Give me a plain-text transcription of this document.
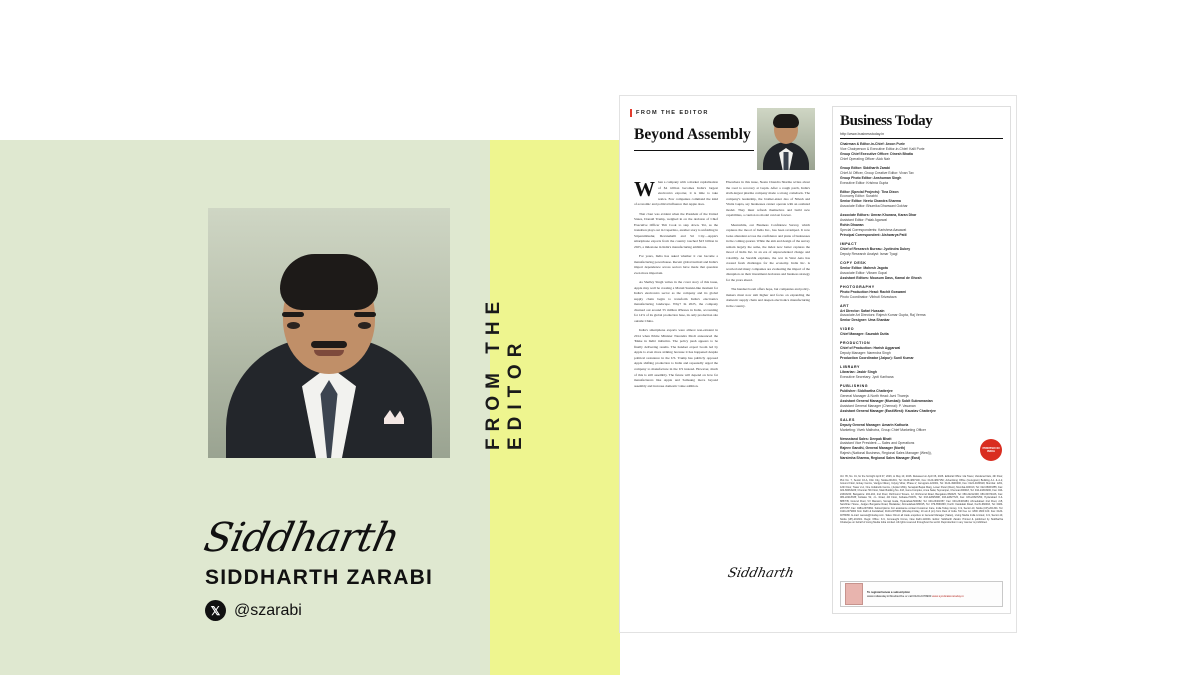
FROM THE EDITOR
Siddharth
SIDDHARTH ZARABI
𝕏 @szarabi
FROM THE EDITOR
Beyond Assembly

When a company with a market capitalisation of $4 trillion becomes India's largest electronics exporter, it is time to take notice. Few companies command the kind of economic and political influence that Apple does.

That clout was evident when the President of the United States, Donald Trump, weighed in on the decision of Chief Executive Officer Tim Cook to step down. Yet, as the transition plays out in Cupertino, another story is unfolding in Sriperumbudur, Devanahalli and Sri City—Apple's smartphone exports from the country touched $23 billion in 2025, a milestone in India's manufacturing ambitions.

For years, India has asked whether it can become a manufacturing powerhouse. Recent global turmoil and India's import dependence across sectors have made that question even more important.

As Shelley Singh writes in the cover story of this issue, Apple may well be creating a Maruti Suzuki-like moment for India's electronics sector as the company and its global supply chain begin to transform India's electronics manufacturing landscape. Why? In 2025, the company churned out around 55 million iPhones in India, accounting for 14% of its global production base, its only production site outside China.

India's smartphone exports were almost non-existent in 2014 when Prime Minister Narendra Modi announced the 'Make in India' initiative. The policy push appears to be finally delivering results. The handset export boom led by Apple is even more striking because it has happened despite political resistance in the US. Trump has publicly opposed Apple shifting production to India and repeatedly urged the company to manufacture in the US instead. However, much of this is still assembly. The future will depend on how far manufacturers like Apple and Samsung move beyond assembly and increase domestic value addition.

Elsewhere in this issue, Neetu Chandra Sharma writes about the road to recovery at Lupin. After a rough patch, India's sixth-largest pharma company made a strong comeback. The company's leadership, the brother-sister duo of Nilesh and Vinita Gupta, say businesses cannot operate with an outdated model. They must refresh themselves and build new capabilities, a caution no model can last forever.

Meanwhile, our Business Confidence Survey, which captures the mood of India Inc., has been revamped. It now looks abundant across the confidence and plans of businesses in the coming quarter. While the aim and design of the survey remain largely the same, the index now better captures the mood of India Inc. in an era of unprecedented change and volatility. As Sarabhi explains, the war in West Asia has created fresh challenges for the economy. India Inc. is worried and many companies are evaluating the impact of the disruption on their investment decisions and business strategy for the years ahead.

The handset boom offers hope, but companies and policy-makers must now aim higher and focus on expanding the domestic supply chain and deepen electronics manufacturing in the country.

Siddharth
Business Today
http://www.businesstoday.in
Chairman & Editor-in-Chief: Aroon Purie
Vice Chairperson & Executive Editor-in-Chief: Kalli Purie
Group Chief Executive Officer: Dinesh Bhatia
Chief Operating Officer: Alok Nair
Group Editor: Siddharth Zarabi
Chief AI Officer, Group Creative Editor: Vivan Tax
Group Photo Editor: Anshuman Singh
Executive Editor: Krishna Gupta
Editor (Special Projects): Tina Dixon
Economy Editor: Surabhi
Senior Editor: Neetu Chandra Sharma
Associate Editor: Bhumika Dhanwani Gokhar
Associate Editors: Umran Khurana, Karan Dhar
Assistant Editor: Palak Agarwal
Rohin Dhawan
Special Correspondents: Karishma Aasawat
Principal Correspondent: Aishwarya Patil
IMPACT
Chief of Research Bureau: Jyotindra Dubey
Deputy Research Analyst: Ismar Tyagi
COPY DESK
Senior Editor: Mahesh Jagota
Associate Editor: Vikram Gopal
Assistant Editors: Mousum Dass, Kamal de Ghosh
PHOTOGRAPHY
Photo Production Head: Rachit Goswami
Photo Coordinator: Vibhuti Srivastava
ART
Art Director: Safari Hussain
Associate Art Directors: Rajesh Kumar Gupta, Raj Verma
Senior Designer: Uma Shankar
VIDEO
Chief Manager: Saurabh Dutta
PRODUCTION
Chief of Production: Harish Aggarwal
Deputy Manager: Narendra Singh
Production Coordinator (Jaipur): Sunil Kumar
LIBRARY
Librarian: Jasbir Singh
Executive Secretary: Jyoti Karihana
PUBLISHING
Publisher: Siddhartha Chatterjee
General Manager & North Head: Avni Thareja
Assistant General Manager (Mumbai): Sobit Subramanian
Assistant General Manager (Chennai): P. Vasanan
Assistant General Manager (East/West): Kaustav Chatterjee
SALES
Deputy General Manager: Amarin Kathuria
Marketing: Vivek Malhotra, Group Chief Marketing Officer
Newsstand Sales: Deepak Bhatt
Assistant Vice President — Sales and Operations
Rajeev Gandhi, General Manager (North)
Rajesh (National Business, Regional Sales Manager (West)),
Narsimha Sharma, Regional Sales Manager (East)
PRINTED IN INDIA
Vol. 35, No. 01, for the fortnight April 07, 2026, to May 10, 2026. Released on April 06, 2026. Editorial Office: Ida Tower, Vandana Flats, 4th Floor, Plot No. 7, Sector 16-A, Film City, Noida-201301, Tel: 0120-4807100, Fax: 0120-4807150; Advertising Office (Gurugram) Building A-1 & A-2, Ground Floor, Enkay Centre, Vanijya Nikunj, Udyog Vihar, Phase-V, Gurugram-122001, Tel: 0124-4948400, Fax: 0124-4030919; Mumbai: 1201, 12th Floor, Tower 2-A, One Indiabulls Centre, (Jupiter Mills), Senapati Bapat Marg, Lower Parel (West), Mumbai-400013, Tel: 022-66063355, Fax: 022-66063226; Chennai: 5th Floor, Main Building No. 443, Guna Complex, Anna Salai, Teynampet, Chennai-600018, Tel: 044-24303200, Fax: 044-24303234; Bangalore: 202-204, 2nd Floor, Richmond Towers, 12, Richmond Road, Bangalore-560025, Tel: 080-22212448, 080-30374106, Fax: 080-22218335; Kolkata: 52, J.L. Road, 4th Floor, Kolkata-700071, Tel: 033-22825398, 033-22827726, Fax: 033-22827254; Hyderabad: 6-3-885/7/B, Ground Floor, VV Mansion, Somaji Guda, Hyderabad-500082, Tel: 040-23401657, Fax: 040-23403484; Ahmedabad: 2nd Floor, 2-B, Sambhav House, Judges Bungalow Road, Bodakdev, Ahmedabad-380015, Tel: 079-6560393; Kochi: Karakkatt Road, Kochi-682016, Tel: 0484-2377057, Fax: 0484-2370962. Subscriptions: For assistance contact Customer Care, India Today Group, C-9, Sector-10, Noida (UP)-201301. Tel: 0120-2479900 from Delhi & Faridabad; 0120-2479900 (Monday-Friday, 10 am-6 pm) from Rest of India. Toll free no: 1800 1800 100. Fax: 0120-4078080. E-mail: wecare@intoday.com. Sales: Direct all trade enquiries to General Manager (Sales), Living Media India Limited, C-9, Sector-10, Noida (UP)-201301. Regd. Office: K-9, Connaught Circus, New Delhi-110001. Editor: Siddharth Zarabi. Printed & published by Siddhartha Chatterjee on behalf of Living Media India Limited. All rights reserved throughout the world. Reproduction in any manner is prohibited.
To register/renew a subscription
www.indiatoday.in/btsubscribe or call 0120-2479900 www.syndicationstoday.in
